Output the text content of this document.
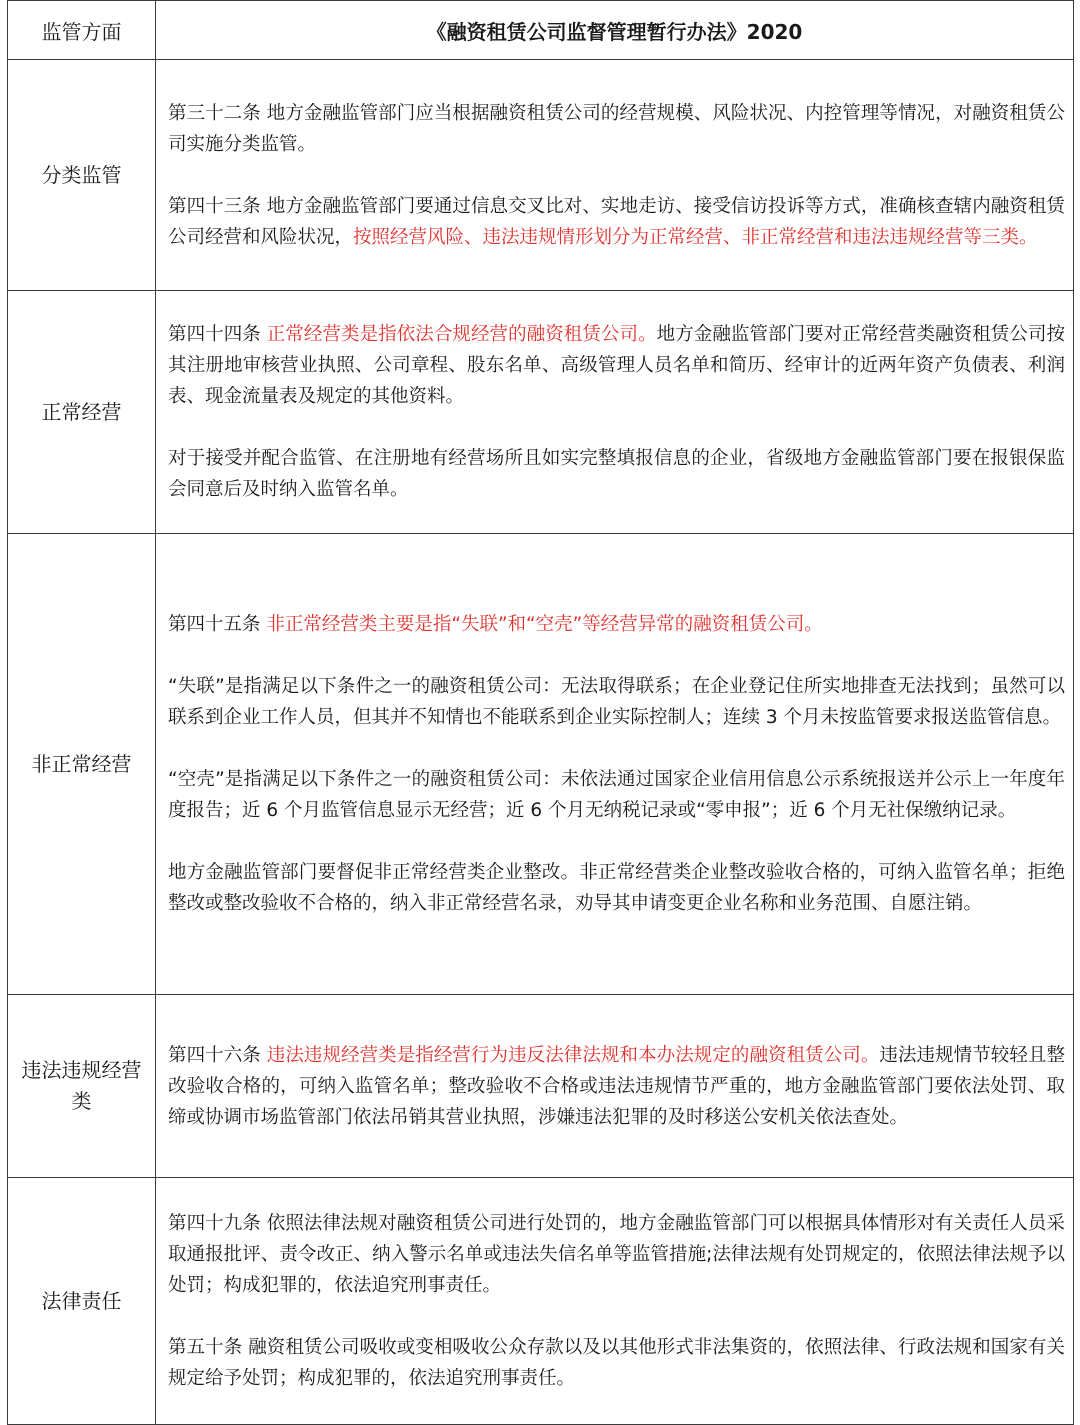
监管方面	《融资租赁公司监督管理暂行办法》2020
分类监管	第三十二条 地方金融监管部门应当根据融资租赁公司的经营规模、风险状况、内控管理等情况，对融资租赁公司实施分类监管。

第四十三条 地方金融监管部门要通过信息交叉比对、实地走访、接受信访投诉等方式，准确核查辖内融资租赁公司经营和风险状况，按照经营风险、违法违规情形划分为正常经营、非正常经营和违法违规经营等三类。

正常经营	第四十四条 正常经营类是指依法合规经营的融资租赁公司。地方金融监管部门要对正常经营类融资租赁公司按其注册地审核营业执照、公司章程、股东名单、高级管理人员名单和简历、经审计的近两年资产负债表、利润表、现金流量表及规定的其他资料。

对于接受并配合监管、在注册地有经营场所且如实完整填报信息的企业，省级地方金融监管部门要在报银保监会同意后及时纳入监管名单。

非正常经营	第四十五条 非正常经营类主要是指“失联”和“空壳”等经营异常的融资租赁公司。

“失联”是指满足以下条件之一的融资租赁公司：无法取得联系；在企业登记住所实地排查无法找到；虽然可以联系到企业工作人员，但其并不知情也不能联系到企业实际控制人；连续 3 个月未按监管要求报送监管信息。

“空壳”是指满足以下条件之一的融资租赁公司：未依法通过国家企业信用信息公示系统报送并公示上一年度年度报告；近 6 个月监管信息显示无经营；近 6 个月无纳税记录或“零申报”；近 6 个月无社保缴纳记录。

地方金融监管部门要督促非正常经营类企业整改。非正常经营类企业整改验收合格的，可纳入监管名单；拒绝整改或整改验收不合格的，纳入非正常经营名录，劝导其申请变更企业名称和业务范围、自愿注销。

违法违规经营类	第四十六条 违法违规经营类是指经营行为违反法律法规和本办法规定的融资租赁公司。违法违规情节较轻且整改验收合格的，可纳入监管名单；整改验收不合格或违法违规情节严重的，地方金融监管部门要依法处罚、取缔或协调市场监管部门依法吊销其营业执照，涉嫌违法犯罪的及时移送公安机关依法查处。

法律责任	第四十九条 依照法律法规对融资租赁公司进行处罚的，地方金融监管部门可以根据具体情形对有关责任人员采取通报批评、责令改正、纳入警示名单或违法失信名单等监管措施;法律法规有处罚规定的，依照法律法规予以处罚；构成犯罪的，依法追究刑事责任。

第五十条 融资租赁公司吸收或变相吸收公众存款以及以其他形式非法集资的，依照法律、行政法规和国家有关规定给予处罚；构成犯罪的，依法追究刑事责任。
